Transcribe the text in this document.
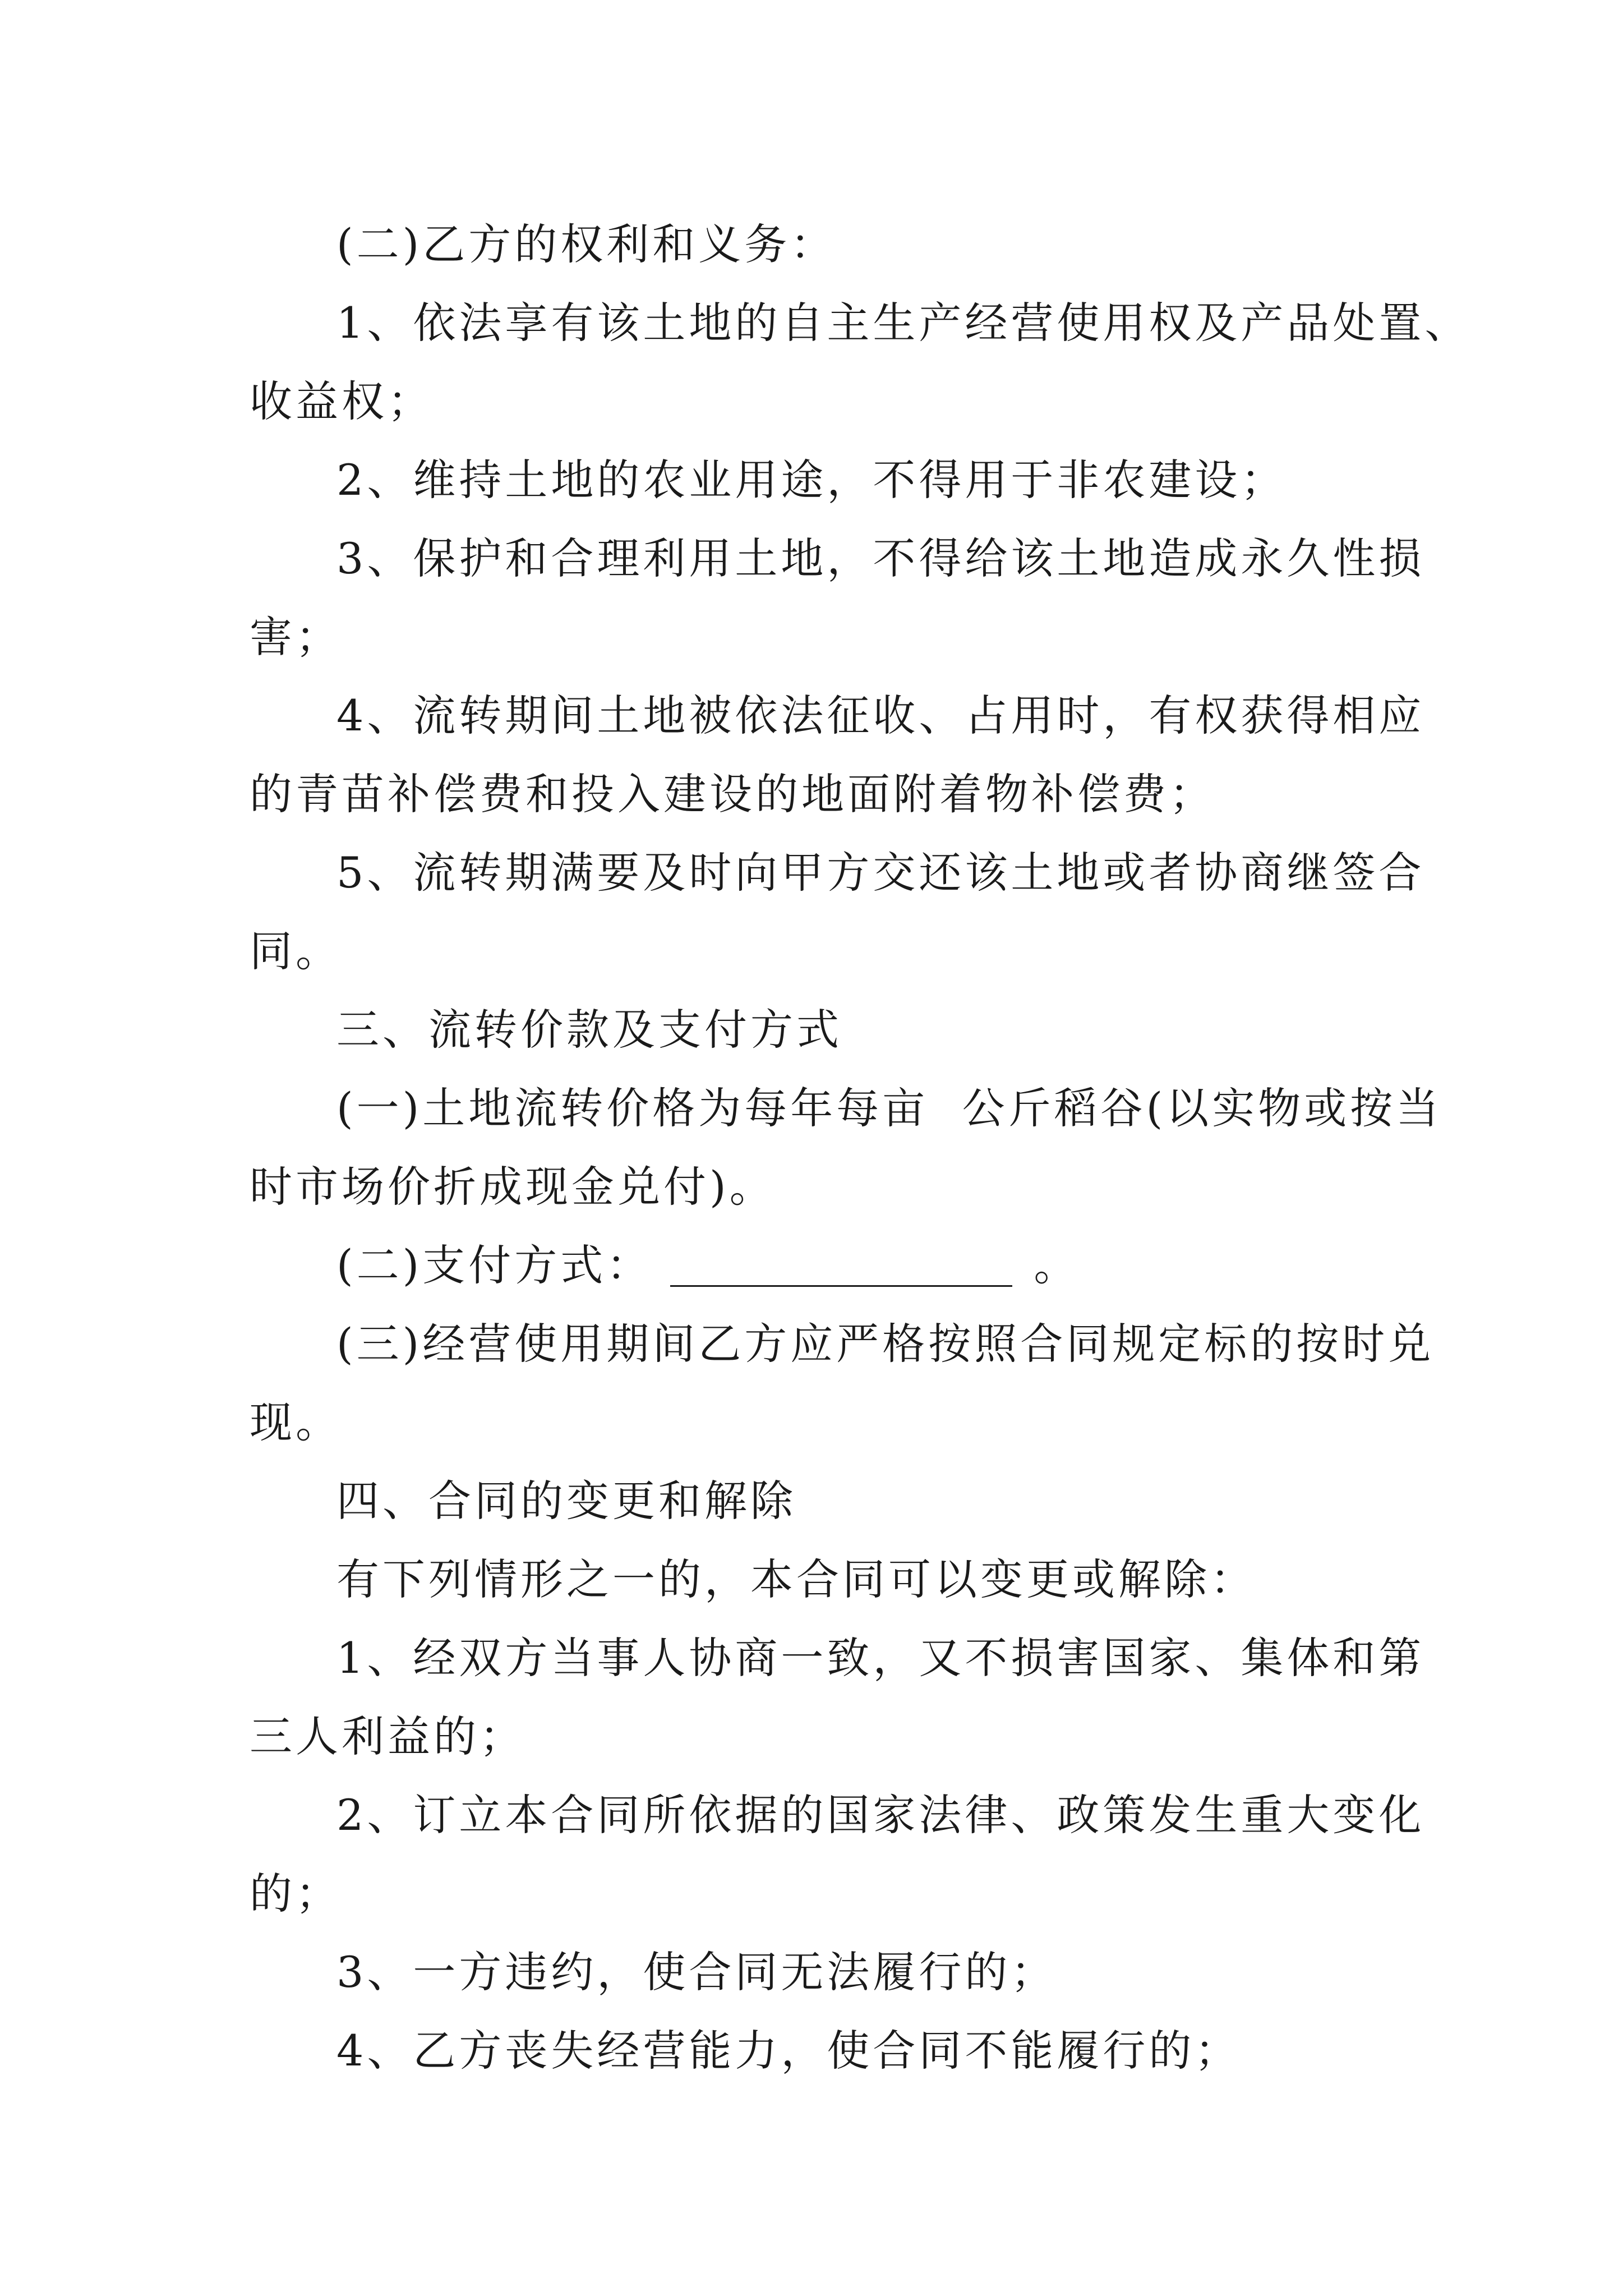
(二)乙方的权利和义务：
1、依法享有该土地的自主生产经营使用权及产品处置、
收益权；
2、维持土地的农业用途，不得用于非农建设；
3、保护和合理利用土地，不得给该土地造成永久性损
害；
4、流转期间土地被依法征收、占用时，有权获得相应
的青苗补偿费和投入建设的地面附着物补偿费；
5、流转期满要及时向甲方交还该土地或者协商继签合
同。
三、流转价款及支付方式
(一)土地流转价格为每年每亩  公斤稻谷(以实物或按当
时市场价折成现金兑付)。
(二)支付方式：	。
(三)经营使用期间乙方应严格按照合同规定标的按时兑
现。
四、合同的变更和解除
有下列情形之一的，本合同可以变更或解除：
1、经双方当事人协商一致，又不损害国家、集体和第
三人利益的；
2、订立本合同所依据的国家法律、政策发生重大变化
的；
3、一方违约，使合同无法履行的；
4、乙方丧失经营能力，使合同不能履行的；
